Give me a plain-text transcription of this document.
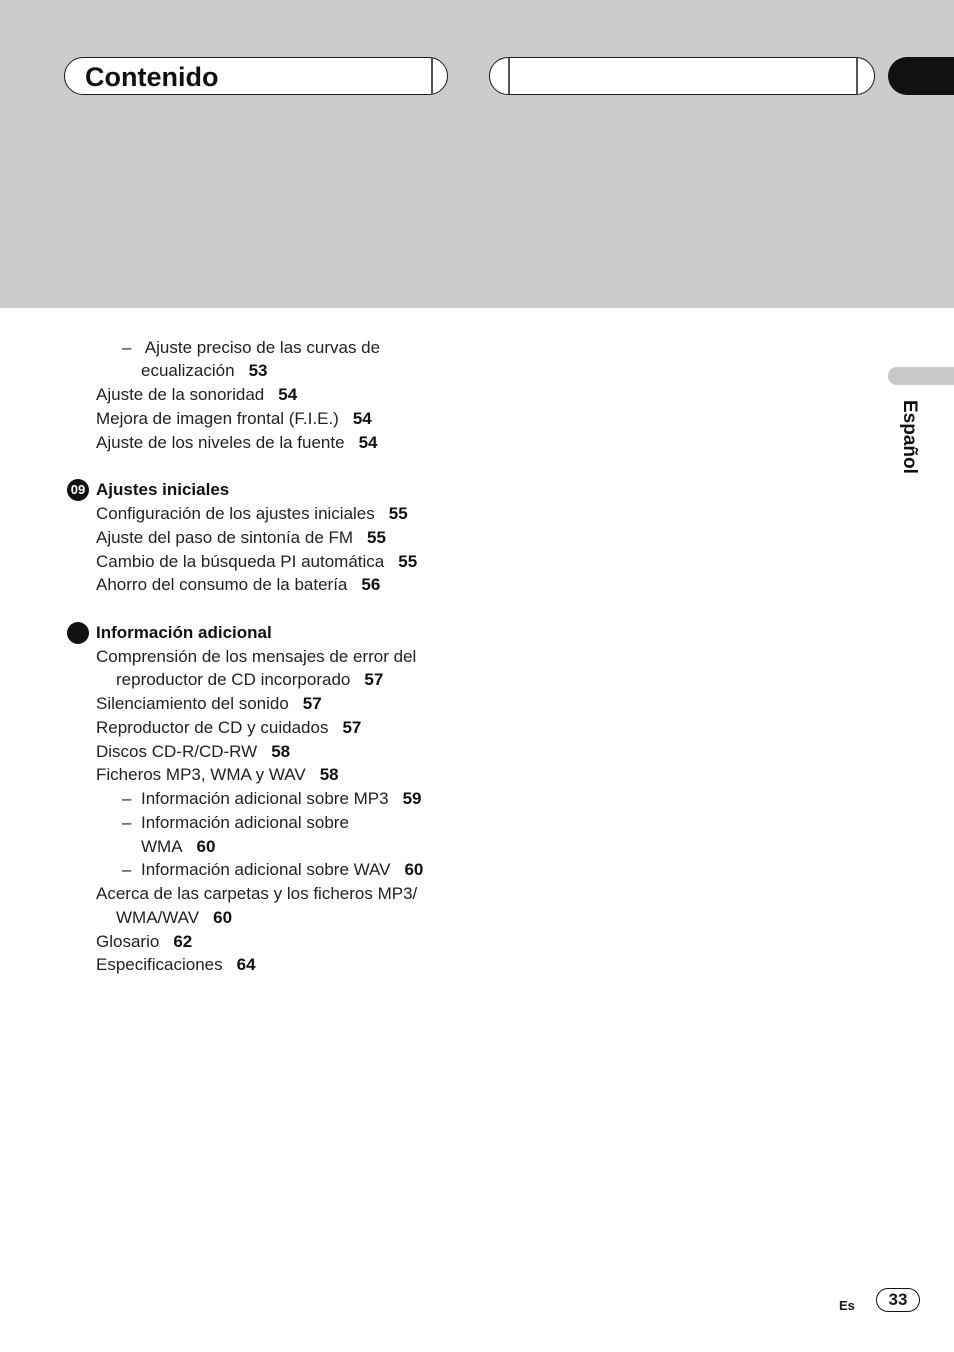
Contenido
Español
– Ajuste preciso de las curvas de
ecualización 53
Ajuste de la sonoridad 54
Mejora de imagen frontal (F.I.E.) 54
Ajuste de los niveles de la fuente 54
09 Ajustes iniciales
Configuración de los ajustes iniciales 55
Ajuste del paso de sintonía de FM 55
Cambio de la búsqueda PI automática 55
Ahorro del consumo de la batería 56
Información adicional
Comprensión de los mensajes de error del
reproductor de CD incorporado 57
Silenciamiento del sonido 57
Reproductor de CD y cuidados 57
Discos CD-R/CD-RW 58
Ficheros MP3, WMA y WAV 58
– Información adicional sobre MP3 59
– Información adicional sobre
WMA 60
– Información adicional sobre WAV 60
Acerca de las carpetas y los ficheros MP3/
WMA/WAV 60
Glosario 62
Especificaciones 64
Es	33
